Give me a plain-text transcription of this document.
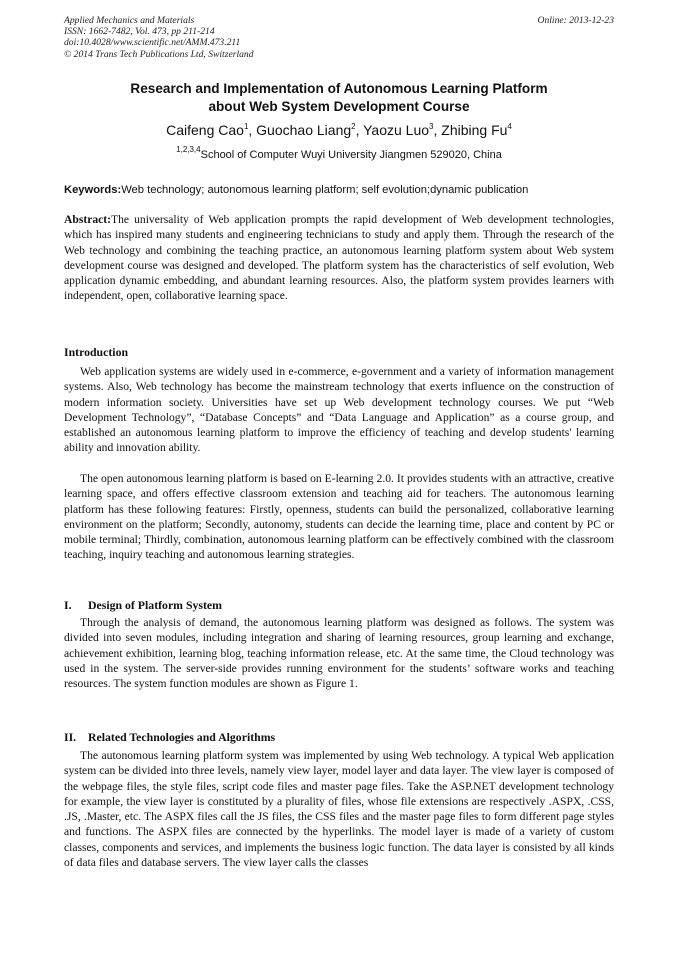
Applied Mechanics and Materials
ISSN: 1662-7482, Vol. 473, pp 211-214
doi:10.4028/www.scientific.net/AMM.473.211
© 2014 Trans Tech Publications Ltd, Switzerland
Online: 2013-12-23
Research and Implementation of Autonomous Learning Platform
about Web System Development Course
Caifeng Cao$^1$, Guochao Liang$^2$, Yaozu Luo$^3$, Zhibing Fu$^4$
$^{1,2,3,4}$School of Computer Wuyi University Jiangmen 529020, China
Keywords:Web technology; autonomous learning platform; self evolution;dynamic publication
Abstract:The universality of Web application prompts the rapid development of Web development technologies, which has inspired many students and engineering technicians to study and apply them. Through the research of the Web technology and combining the teaching practice, an autonomous learning platform system about Web system development course was designed and developed. The platform system has the characteristics of self evolution, Web application dynamic embedding, and abundant learning resources. Also, the platform system provides learners with independent, open, collaborative learning space.
Introduction
Web application systems are widely used in e-commerce, e-government and a variety of information management systems. Also, Web technology has become the mainstream technology that exerts influence on the construction of modern information society. Universities have set up Web development technology courses. We put “Web Development Technology”, “Database Concepts” and “Data Language and Application” as a course group, and established an autonomous learning platform to improve the efficiency of teaching and develop students' learning ability and innovation ability.
The open autonomous learning platform is based on E-learning 2.0. It provides students with an attractive, creative learning space, and offers effective classroom extension and teaching aid for teachers. The autonomous learning platform has these following features: Firstly, openness, students can build the personalized, collaborative learning environment on the platform; Secondly, autonomy, students can decide the learning time, place and content by PC or mobile terminal; Thirdly, combination, autonomous learning platform can be effectively combined with the classroom teaching, inquiry teaching and autonomous learning strategies.
I. Design of Platform System
Through the analysis of demand, the autonomous learning platform was designed as follows. The system was divided into seven modules, including integration and sharing of learning resources, group learning and exchange, achievement exhibition, learning blog, teaching information release, etc. At the same time, the Cloud technology was used in the system. The server-side provides running environment for the students’ software works and teaching resources. The system function modules are shown as Figure 1.
II. Related Technologies and Algorithms
The autonomous learning platform system was implemented by using Web technology. A typical Web application system can be divided into three levels, namely view layer, model layer and data layer. The view layer is composed of the webpage files, the style files, script code files and master page files. Take the ASP.NET development technology for example, the view layer is constituted by a plurality of files, whose file extensions are respectively .ASPX, .CSS, .JS, .Master, etc. The ASPX files call the JS files, the CSS files and the master page files to form different page styles and functions. The ASPX files are connected by the hyperlinks. The model layer is made of a variety of custom classes, components and services, and implements the business logic function. The data layer is consisted by all kinds of data files and database servers. The view layer calls the classes
